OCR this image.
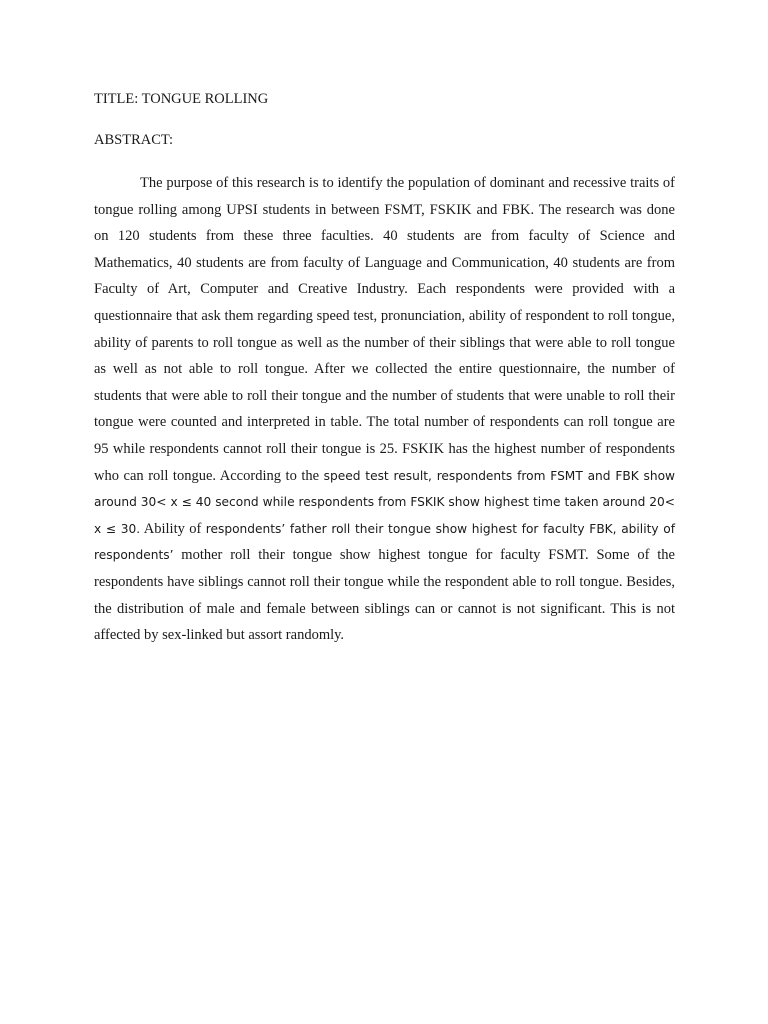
TITLE: TONGUE ROLLING

ABSTRACT:

The purpose of this research is to identify the population of dominant and recessive traits of tongue rolling among UPSI students in between FSMT, FSKIK and FBK. The research was done on 120 students from these three faculties. 40 students are from faculty of Science and Mathematics, 40 students are from faculty of Language and Communication, 40 students are from Faculty of Art, Computer and Creative Industry. Each respondents were provided with a questionnaire that ask them regarding speed test, pronunciation, ability of respondent to roll tongue, ability of parents to roll tongue as well as the number of their siblings that were able to roll tongue as well as not able to roll tongue. After we collected the entire questionnaire, the number of students that were able to roll their tongue and the number of students that were unable to roll their tongue were counted and interpreted in table. The total number of respondents can roll tongue are 95 while respondents cannot roll their tongue is 25. FSKIK has the highest number of respondents who can roll tongue. According to the speed test result, respondents from FSMT and FBK show around 30< x ≤ 40 second while respondents from FSKIK show highest time taken around 20< x ≤ 30. Ability of respondents’ father roll their tongue show highest for faculty FBK, ability of respondents’ mother roll their tongue show highest tongue for faculty FSMT. Some of the respondents have siblings cannot roll their tongue while the respondent able to roll tongue. Besides, the distribution of male and female between siblings can or cannot is not significant. This is not affected by sex-linked but assort randomly.
